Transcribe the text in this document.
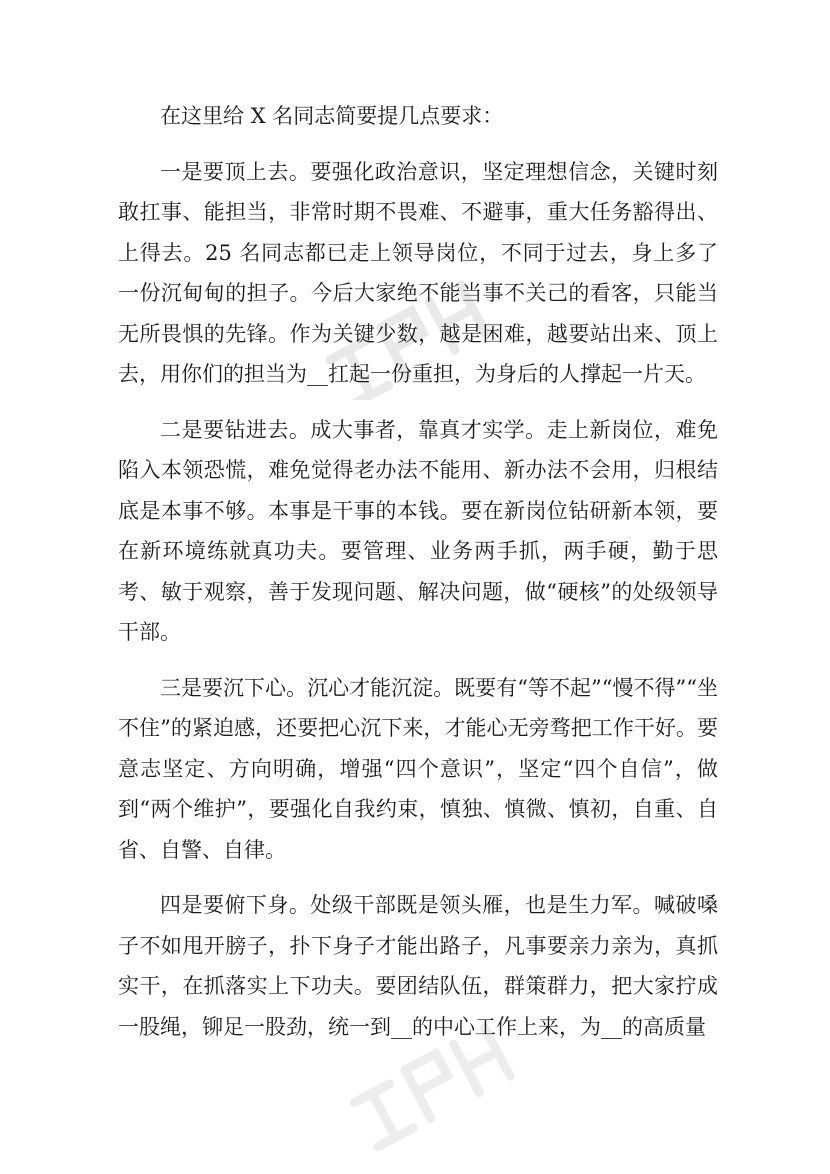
在这里给 X 名同志简要提几点要求：

一是要顶上去。要强化政治意识，坚定理想信念，关键时刻敢扛事、能担当，非常时期不畏难、不避事，重大任务豁得出、上得去。25 名同志都已走上领导岗位，不同于过去，身上多了一份沉甸甸的担子。今后大家绝不能当事不关己的看客，只能当无所畏惧的先锋。作为关键少数，越是困难，越要站出来、顶上去，用你们的担当为__扛起一份重担，为身后的人撑起一片天。

二是要钻进去。成大事者，靠真才实学。走上新岗位，难免陷入本领恐慌，难免觉得老办法不能用、新办法不会用，归根结底是本事不够。本事是干事的本钱。要在新岗位钻研新本领，要在新环境练就真功夫。要管理、业务两手抓，两手硬，勤于思考、敏于观察，善于发现问题、解决问题，做“硬核”的处级领导干部。

三是要沉下心。沉心才能沉淀。既要有“等不起”“慢不得”“坐不住”的紧迫感，还要把心沉下来，才能心无旁骛把工作干好。要意志坚定、方向明确，增强“四个意识”，坚定“四个自信”，做到“两个维护”，要强化自我约束，慎独、慎微、慎初，自重、自省、自警、自律。

四是要俯下身。处级干部既是领头雁，也是生力军。喊破嗓子不如甩开膀子，扑下身子才能出路子，凡事要亲力亲为，真抓实干，在抓落实上下功夫。要团结队伍，群策群力，把大家拧成一股绳，铆足一股劲，统一到__的中心工作上来，为__的高质量
